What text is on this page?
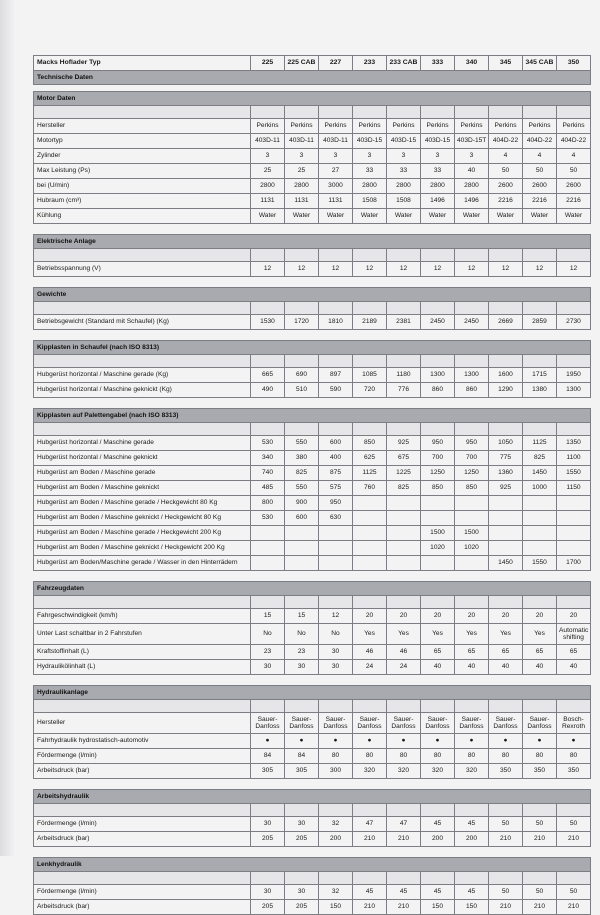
Macks Hoflader Typ	225	225 CAB	227	233	233 CAB	333	340	345	345 CAB	350
Technische Daten										

Motor Daten										

Hersteller	Perkins	Perkins	Perkins	Perkins	Perkins	Perkins	Perkins	Perkins	Perkins	Perkins
Motortyp	403D-11	403D-11	403D-11	403D-15	403D-15	403D-15	403D-15T	404D-22	404D-22	404D-22
Zylinder	3	3	3	3	3	3	3	4	4	4
Max Leistung (Ps)	25	25	27	33	33	33	40	50	50	50
bei (U/min)	2800	2800	3000	2800	2800	2800	2800	2600	2600	2600
Hubraum (cm³)	1131	1131	1131	1508	1508	1496	1496	2216	2216	2216
Kühlung	Water	Water	Water	Water	Water	Water	Water	Water	Water	Water

Elektrische Anlage										

Betriebsspannung (V)	12	12	12	12	12	12	12	12	12	12

Gewichte										

Betriebsgewicht (Standard mit Schaufel) (Kg)	1530	1720	1810	2189	2381	2450	2450	2669	2859	2730

Kipplasten in Schaufel (nach ISO 8313)										

Hubgerüst horizontal / Maschine gerade (Kg)	665	690	897	1085	1180	1300	1300	1600	1715	1950
Hubgerüst horizontal / Maschine geknickt (Kg)	490	510	590	720	776	860	860	1290	1380	1300

Kipplasten auf Palettengabel (nach ISO 8313)										

Hubgerüst horizontal / Maschine gerade	530	550	600	850	925	950	950	1050	1125	1350
Hubgerüst horizontal / Maschine geknickt	340	380	400	625	675	700	700	775	825	1100
Hubgerüst am Boden / Maschine gerade	740	825	875	1125	1225	1250	1250	1360	1450	1550
Hubgerüst am Boden / Maschine geknickt	485	550	575	760	825	850	850	925	1000	1150
Hubgerüst am Boden / Maschine gerade / Heckgewicht 80 Kg	800	900	950							
Hubgerüst am Boden / Maschine geknickt / Heckgewicht 80 Kg	530	600	630							
Hubgerüst am Boden / Maschine gerade / Heckgewicht 200 Kg						1500	1500			
Hubgerüst am Boden / Maschine geknickt / Heckgewicht 200 Kg						1020	1020			
Hubgerüst am Boden/Maschine gerade / Wasser in den Hinterrädern								1450	1550	1700

Fahrzeugdaten										

Fahrgeschwindigkeit (km/h)	15	15	12	20	20	20	20	20	20	20
Unter Last schaltbar in 2 Fahrstufen	No	No	No	Yes	Yes	Yes	Yes	Yes	Yes	Automatic shifting
Kraftstoffinhalt (L)	23	23	30	46	46	65	65	65	65	65
Hydraulikölinhalt (L)	30	30	30	24	24	40	40	40	40	40

Hydraulikanlage										

Hersteller	Sauer-Danfoss	Sauer-Danfoss	Sauer-Danfoss	Sauer-Danfoss	Sauer-Danfoss	Sauer-Danfoss	Sauer-Danfoss	Sauer-Danfoss	Sauer-Danfoss	Bosch-Rexroth
Fahrhydraulik hydrostatisch-automotiv	●	●	●	●	●	●	●	●	●	●
Fördermenge (l/min)	84	84	80	80	80	80	80	80	80	80
Arbeitsdruck (bar)	305	305	300	320	320	320	320	350	350	350

Arbeitshydraulik										

Fördermenge (l/min)	30	30	32	47	47	45	45	50	50	50
Arbeitsdruck (bar)	205	205	200	210	210	200	200	210	210	210

Lenkhydraulik										

Fördermenge (l/min)	30	30	32	45	45	45	45	50	50	50
Arbeitsdruck (bar)	205	205	150	210	210	150	150	210	210	210
